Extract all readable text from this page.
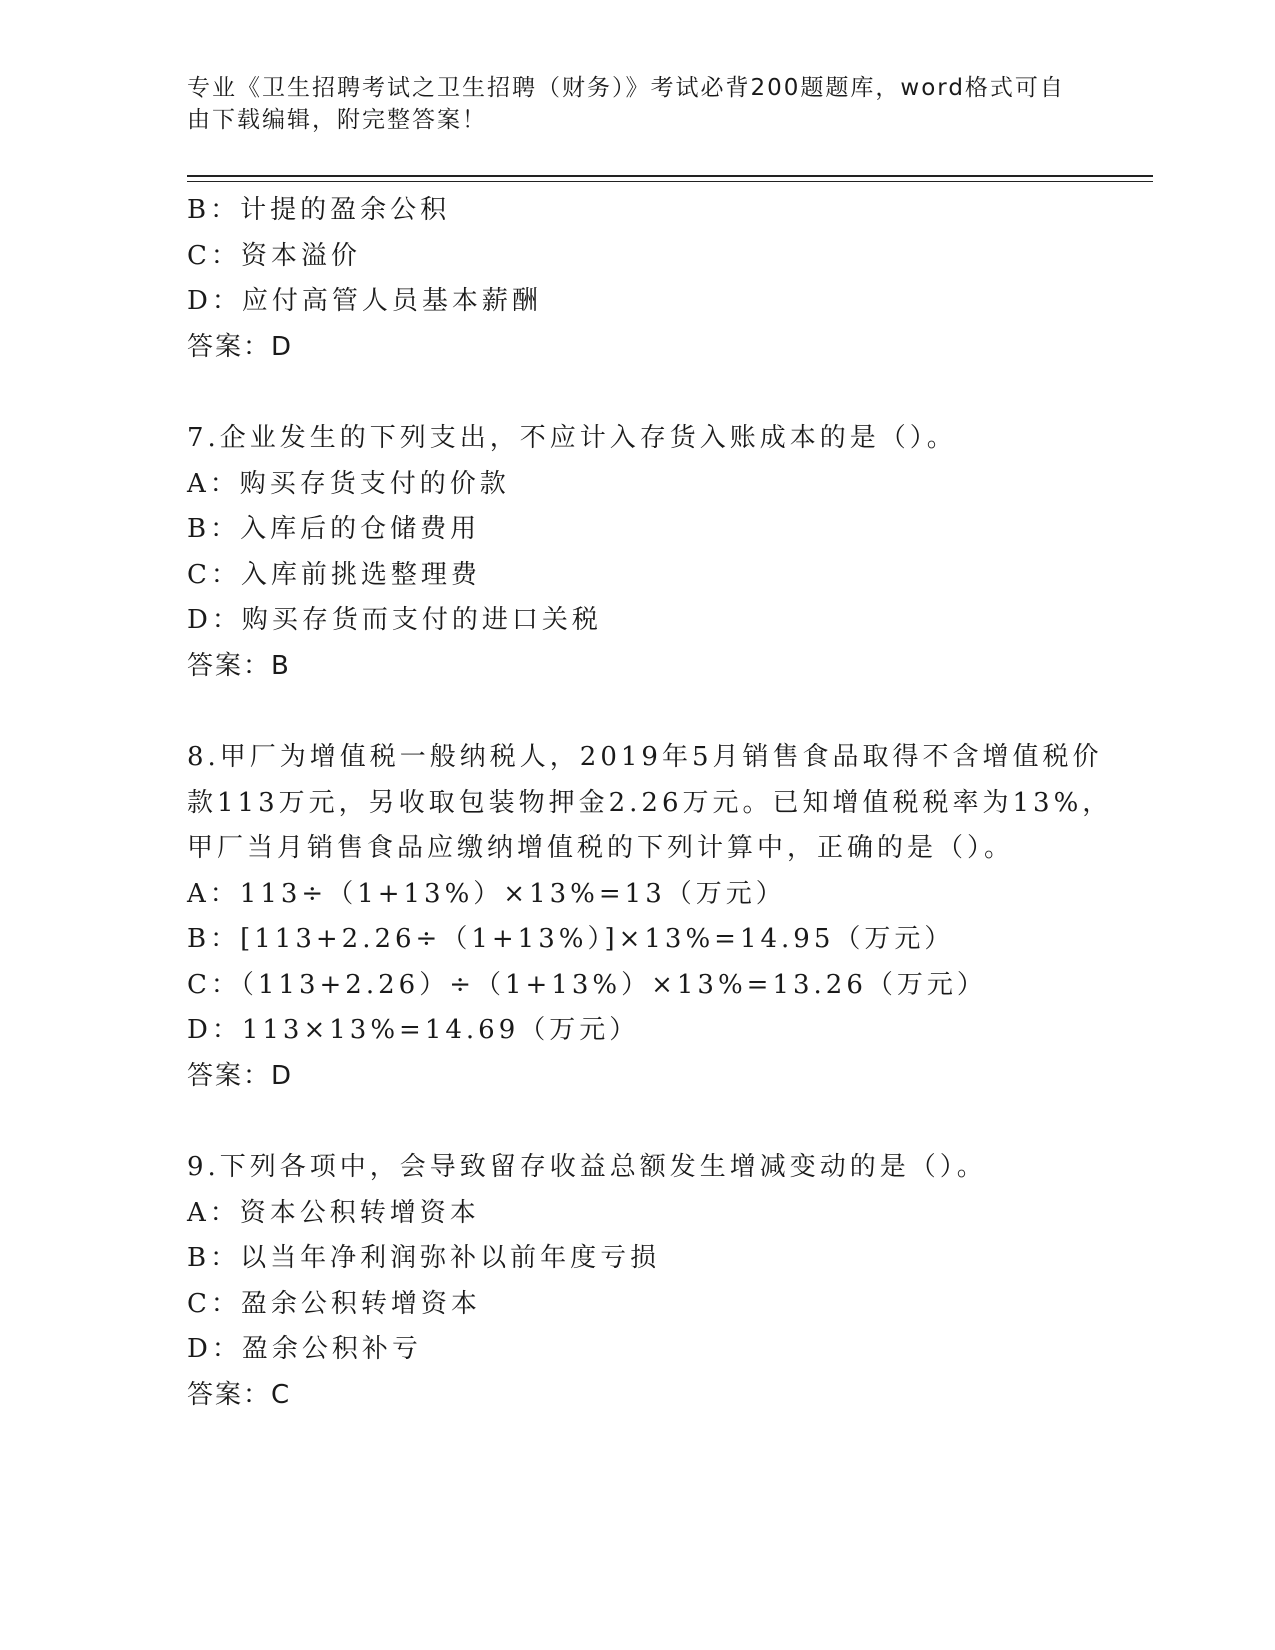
专业《卫生招聘考试之卫生招聘（财务）》考试必背200题题库，word格式可自

由下载编辑，附完整答案！

B：计提的盈余公积

C：资本溢价

D：应付高管人员基本薪酬

答案：D

7.企业发生的下列支出，不应计入存货入账成本的是（）。

A：购买存货支付的价款

B：入库后的仓储费用

C：入库前挑选整理费

D：购买存货而支付的进口关税

答案：B

8.甲厂为增值税一般纳税人，2019年5月销售食品取得不含增值税价

款113万元，另收取包装物押金2.26万元。已知增值税税率为13%，

甲厂当月销售食品应缴纳增值税的下列计算中，正确的是（）。

A：113÷（1+13%）×13%=13（万元）

B：[113+2.26÷（1+13%）]×13%=14.95（万元）

C：（113+2.26）÷（1+13%）×13%=13.26（万元）

D：113×13%=14.69（万元）

答案：D

9.下列各项中，会导致留存收益总额发生增减变动的是（）。

A：资本公积转增资本

B：以当年净利润弥补以前年度亏损

C：盈余公积转增资本

D：盈余公积补亏

答案：C
